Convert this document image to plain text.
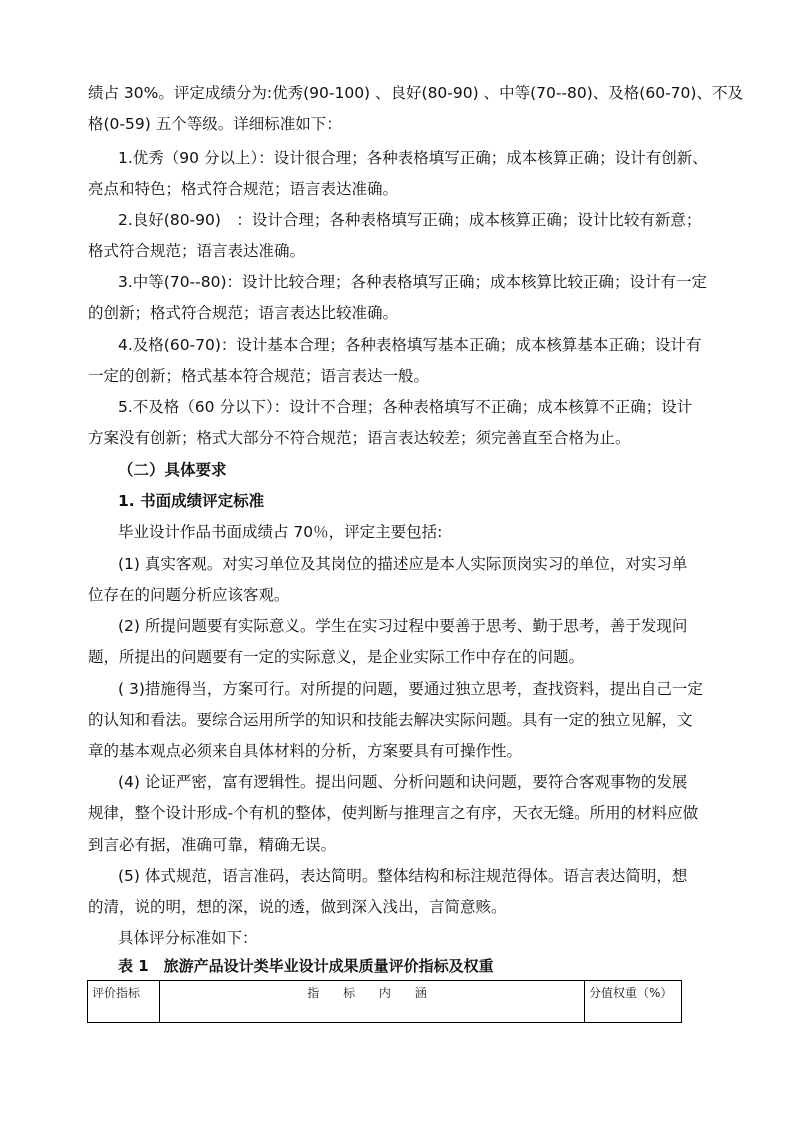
绩占 30%。评定成绩分为:优秀(90-100) 、良好(80-90) 、中等(70--80)、及格(60-70)、不及
格(0-59) 五个等级。详细标准如下：
1.优秀（90 分以上）：设计很合理；各种表格填写正确；成本核算正确；设计有创新、
亮点和特色；格式符合规范；语言表达准确。
2.良好(80-90)　：设计合理；各种表格填写正确；成本核算正确；设计比较有新意；
格式符合规范；语言表达准确。
3.中等(70--80)：设计比较合理；各种表格填写正确；成本核算比较正确；设计有一定
的创新；格式符合规范；语言表达比较准确。
4.及格(60-70)：设计基本合理；各种表格填写基本正确；成本核算基本正确；设计有
一定的创新；格式基本符合规范；语言表达一般。
5.不及格（60 分以下）：设计不合理；各种表格填写不正确；成本核算不正确；设计
方案没有创新；格式大部分不符合规范；语言表达较差；须完善直至合格为止。
（二）具体要求
1. 书面成绩评定标准
毕业设计作品书面成绩占 70％，评定主要包括:
(1) 真实客观。对实习单位及其岗位的描述应是本人实际顶岗实习的单位，对实习单
位存在的问题分析应该客观。
(2) 所提问题要有实际意义。学生在实习过程中要善于思考、勤于思考，善于发现问
题，所提出的问题要有一定的实际意义，是企业实际工作中存在的问题。
( 3)措施得当，方案可行。对所提的问题，要通过独立思考，查找资料，提出自己一定
的认知和看法。要综合运用所学的知识和技能去解决实际问题。具有一定的独立见解，文
章的基本观点必须来自具体材料的分析，方案要具有可操作性。
(4) 论证严密，富有逻辑性。提出问题、分析问题和诀问题，要符合客观事物的发展
规律，整个设计形成-个有机的整体，使判断与推理言之有序，天衣无缝。所用的材料应做
到言必有据，准确可靠，精确无误。
(5) 体式规范，语言准码，表达简明。整体结构和标注规范得体。语言表达简明，想
的清，说的明，想的深，说的透，做到深入浅出，言简意赅。
具体评分标准如下：
表 1　旅游产品设计类毕业设计成果质量评价指标及权重
评价指标	指 标 内 涵	分值权重（%）
